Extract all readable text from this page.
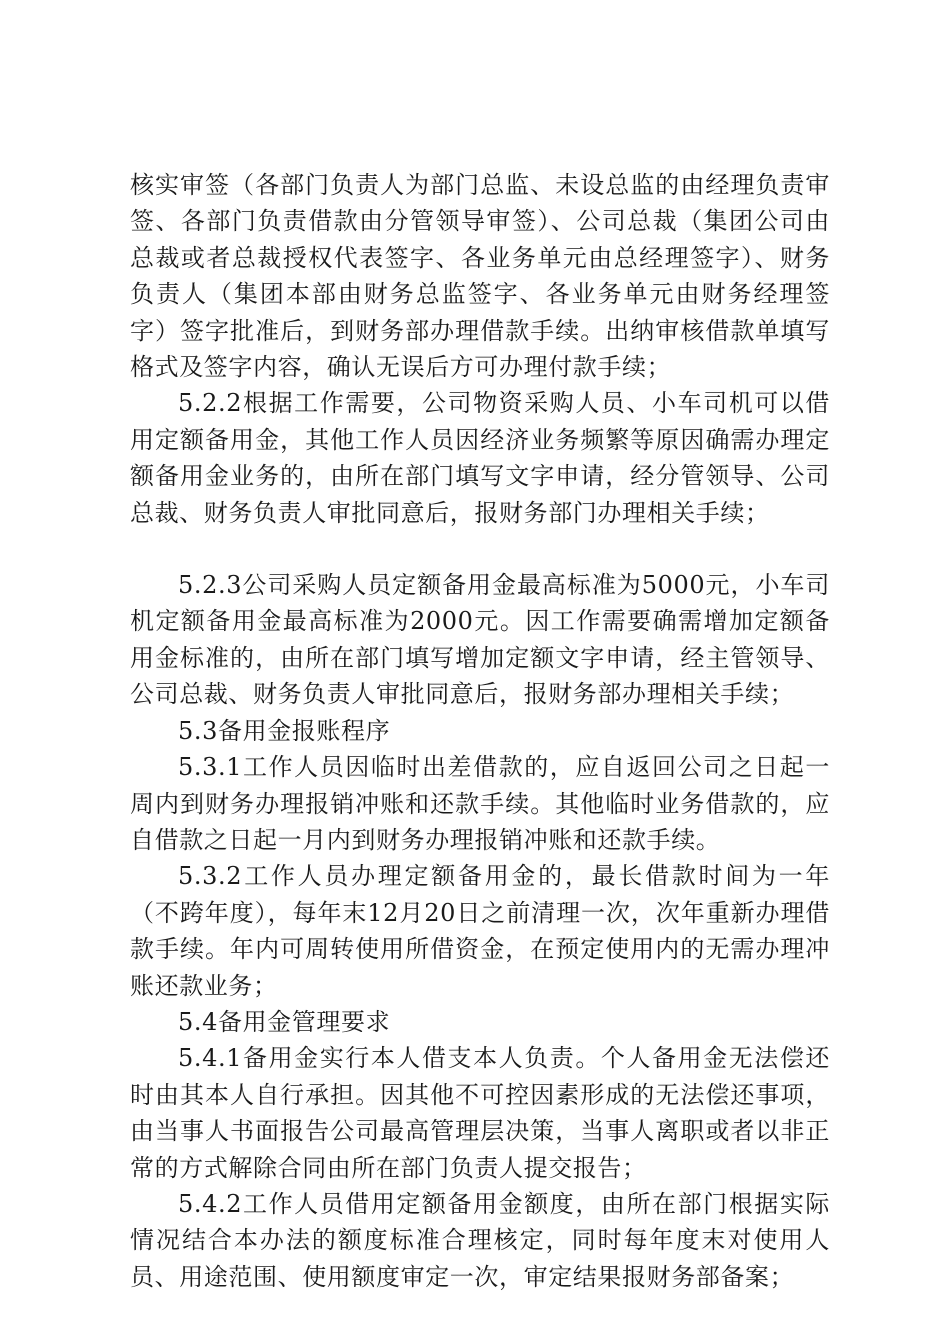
核实审签（各部门负责人为部门总监、未设总监的由经理负责审签、各部门负责借款由分管领导审签）、公司总裁（集团公司由总裁或者总裁授权代表签字、各业务单元由总经理签字）、财务负责人（集团本部由财务总监签字、各业务单元由财务经理签字）签字批准后，到财务部办理借款手续。出纳审核借款单填写格式及签字内容，确认无误后方可办理付款手续；

5.2.2根据工作需要，公司物资采购人员、小车司机可以借用定额备用金，其他工作人员因经济业务频繁等原因确需办理定额备用金业务的，由所在部门填写文字申请，经分管领导、公司总裁、财务负责人审批同意后，报财务部门办理相关手续；

5.2.3公司采购人员定额备用金最高标准为5000元，小车司机定额备用金最高标准为2000元。因工作需要确需增加定额备用金标准的，由所在部门填写增加定额文字申请，经主管领导、公司总裁、财务负责人审批同意后，报财务部办理相关手续；

5.3备用金报账程序

5.3.1工作人员因临时出差借款的，应自返回公司之日起一周内到财务办理报销冲账和还款手续。其他临时业务借款的，应自借款之日起一月内到财务办理报销冲账和还款手续。

5.3.2工作人员办理定额备用金的，最长借款时间为一年（不跨年度），每年末12月20日之前清理一次，次年重新办理借款手续。年内可周转使用所借资金，在预定使用内的无需办理冲账还款业务；

5.4备用金管理要求

5.4.1备用金实行本人借支本人负责。个人备用金无法偿还时由其本人自行承担。因其他不可控因素形成的无法偿还事项，由当事人书面报告公司最高管理层决策，当事人离职或者以非正常的方式解除合同由所在部门负责人提交报告；

5.4.2工作人员借用定额备用金额度，由所在部门根据实际情况结合本办法的额度标准合理核定，同时每年度末对使用人员、用途范围、使用额度审定一次，审定结果报财务部备案；
